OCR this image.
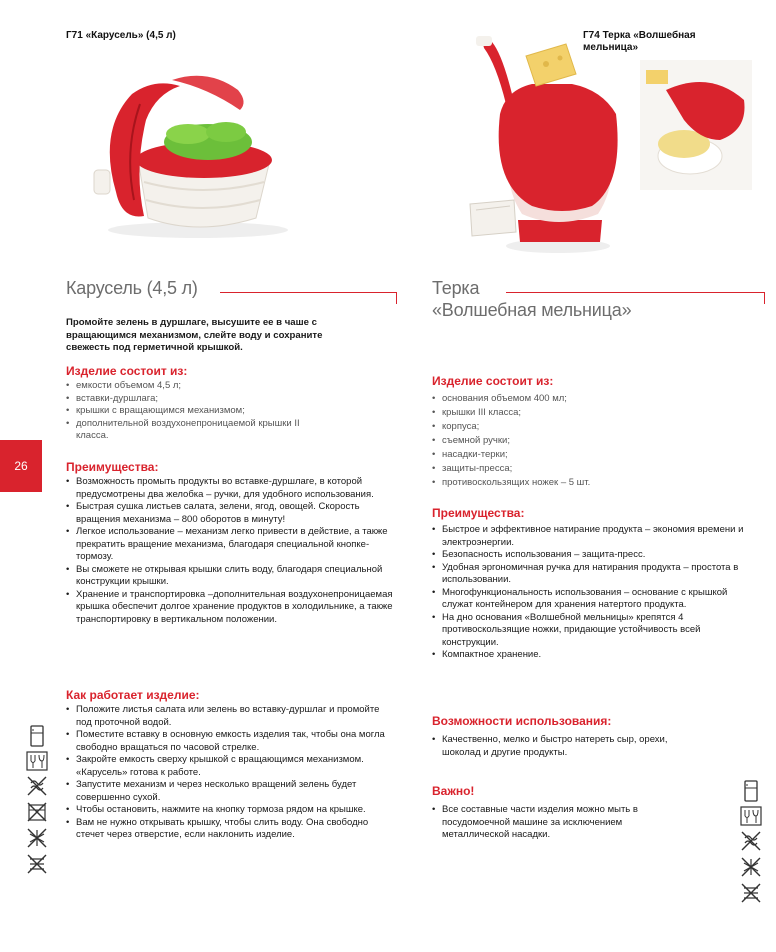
Г71 «Карусель» (4,5 л)
Карусель (4,5 л)
Промойте зелень в дуршлаге, высушите ее в чаше с вращающимся механизмом, слейте воду и сохраните свежесть под герметичной крышкой.
Изделие состоит из:
• емкости объемом 4,5 л;
• вставки-дуршлага;
• крышки с вращающимся механизмом;
• дополнительной воздухонепроницаемой крышки II класса.
Преимущества:
• Возможность промыть продукты во вставке-дуршлаге, в которой предусмотрены два желобка – ручки, для удобного использования.
• Быстрая сушка листьев салата, зелени, ягод, овощей. Скорость вращения механизма – 800 оборотов в минуту!
• Легкое использование – механизм легко привести в действие, а также прекратить вращение механизма, благодаря специальной кнопке-тормозу.
• Вы сможете не открывая крышки слить воду, благодаря специальной конструкции крышки.
• Хранение и транспортировка –дополнительная воздухонепроницаемая крышка обеспечит долгое хранение продуктов в холодильнике, а также транспортировку в вертикальном положении.
Как работает изделие:
• Положите листья салата или зелень во вставку-дуршлаг и промойте под проточной водой.
• Поместите вставку в основную емкость изделия так, чтобы она могла свободно вращаться по часовой стрелке.
• Закройте емкость сверху крышкой с вращающимся механизмом. «Карусель» готова к работе.
• Запустите механизм и через несколько вращений зелень будет совершенно сухой.
• Чтобы остановить, нажмите на кнопку тормоза рядом на крышке.
• Вам не нужно открывать крышку, чтобы слить воду. Она свободно стечет через отверстие, если наклонить изделие.
26
Г74 Терка «Волшебная мельница»
Терка
«Волшебная мельница»
Изделие состоит из:
• основания объемом 400 мл;
• крышки III класса;
• корпуса;
• съемной ручки;
• насадки-терки;
• защиты-пресса;
• противоскользящих ножек – 5 шт.
Преимущества:
• Быстрое и эффективное натирание продукта – экономия времени и электроэнергии.
• Безопасность использования – защита-пресс.
• Удобная эргономичная ручка для натирания продукта – простота в использовании.
• Многофункциональность использования – основание с крышкой служат контейнером для хранения натертого продукта.
• На дно основания «Волшебной мельницы» крепятся 4 противоскользящие ножки, придающие устойчивость всей конструкции.
• Компактное хранение.
Возможности использования:
• Качественно, мелко и быстро натереть сыр, орехи, шоколад и другие продукты.
Важно!
• Все составные части изделия можно мыть в посудомоечной машине за исключением металлической насадки.
